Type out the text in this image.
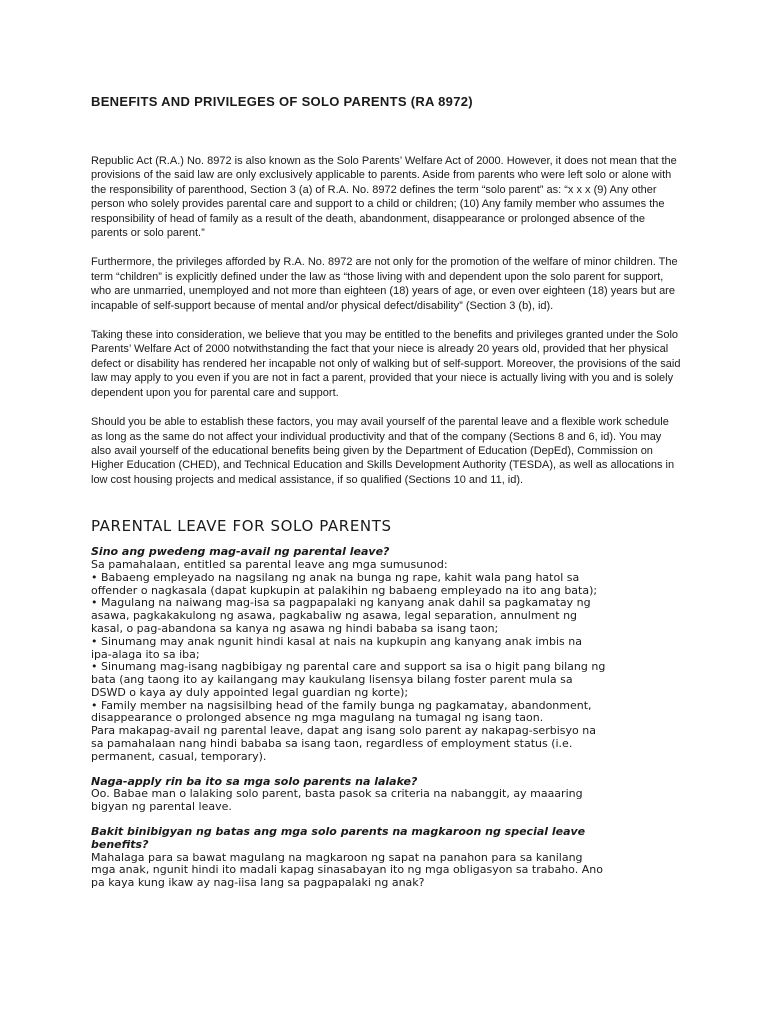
BENEFITS AND PRIVILEGES OF SOLO PARENTS (RA 8972)

Republic Act (R.A.) No. 8972 is also known as the Solo Parents’ Welfare Act of 2000. However, it does not mean that the provisions of the said law are only exclusively applicable to parents. Aside from parents who were left solo or alone with the responsibility of parenthood, Section 3 (a) of R.A. No. 8972 defines the term “solo parent” as: “x x x (9) Any other person who solely provides parental care and support to a child or children; (10) Any family member who assumes the responsibility of head of family as a result of the death, abandonment, disappearance or prolonged absence of the parents or solo parent.”

Furthermore, the privileges afforded by R.A. No. 8972 are not only for the promotion of the welfare of minor children. The term “children” is explicitly defined under the law as “those living with and dependent upon the solo parent for support, who are unmarried, unemployed and not more than eighteen (18) years of age, or even over eighteen (18) years but are incapable of self-support because of mental and/or physical defect/disability” (Section 3 (b), id).

Taking these into consideration, we believe that you may be entitled to the benefits and privileges granted under the Solo Parents’ Welfare Act of 2000 notwithstanding the fact that your niece is already 20 years old, provided that her physical defect or disability has rendered her incapable not only of walking but of self-support. Moreover, the provisions of the said law may apply to you even if you are not in fact a parent, provided that your niece is actually living with you and is solely dependent upon you for parental care and support.

Should you be able to establish these factors, you may avail yourself of the parental leave and a flexible work schedule as long as the same do not affect your individual productivity and that of the company (Sections 8 and 6, id). You may also avail yourself of the educational benefits being given by the Department of Education (DepEd), Commission on Higher Education (CHED), and Technical Education and Skills Development Authority (TESDA), as well as allocations in low cost housing projects and medical assistance, if so qualified (Sections 10 and 11, id).

PARENTAL LEAVE FOR SOLO PARENTS

Sino ang pwedeng mag-avail ng parental leave?

Sa pamahalaan, entitled sa parental leave ang mga sumusunod:

• Babaeng empleyado na nagsilang ng anak na bunga ng rape, kahit wala pang hatol sa

offender o nagkasala (dapat kupkupin at palakihin ng babaeng empleyado na ito ang bata);

• Magulang na naiwang mag-isa sa pagpapalaki ng kanyang anak dahil sa pagkamatay ng

asawa, pagkakakulong ng asawa, pagkabaliw ng asawa, legal separation, annulment ng

kasal, o pag-abandona sa kanya ng asawa ng hindi bababa sa isang taon;

• Sinumang may anak ngunit hindi kasal at nais na kupkupin ang kanyang anak imbis na

ipa-alaga ito sa iba;

• Sinumang mag-isang nagbibigay ng parental care and support sa isa o higit pang bilang ng

bata (ang taong ito ay kailangang may kaukulang lisensya bilang foster parent mula sa

DSWD o kaya ay duly appointed legal guardian ng korte);

• Family member na nagsisilbing head of the family bunga ng pagkamatay, abandonment,

disappearance o prolonged absence ng mga magulang na tumagal ng isang taon.

Para makapag-avail ng parental leave, dapat ang isang solo parent ay nakapag-serbisyo na

sa pamahalaan nang hindi bababa sa isang taon, regardless of employment status (i.e.

permanent, casual, temporary).

Naga-apply rin ba ito sa mga solo parents na lalake?

Oo. Babae man o lalaking solo parent, basta pasok sa criteria na nabanggit, ay maaaring

bigyan ng parental leave.

Bakit binibigyan ng batas ang mga solo parents na magkaroon ng special leave
benefits?

Mahalaga para sa bawat magulang na magkaroon ng sapat na panahon para sa kanilang

mga anak, ngunit hindi ito madali kapag sinasabayan ito ng mga obligasyon sa trabaho. Ano

pa kaya kung ikaw ay nag-iisa lang sa pagpapalaki ng anak?
